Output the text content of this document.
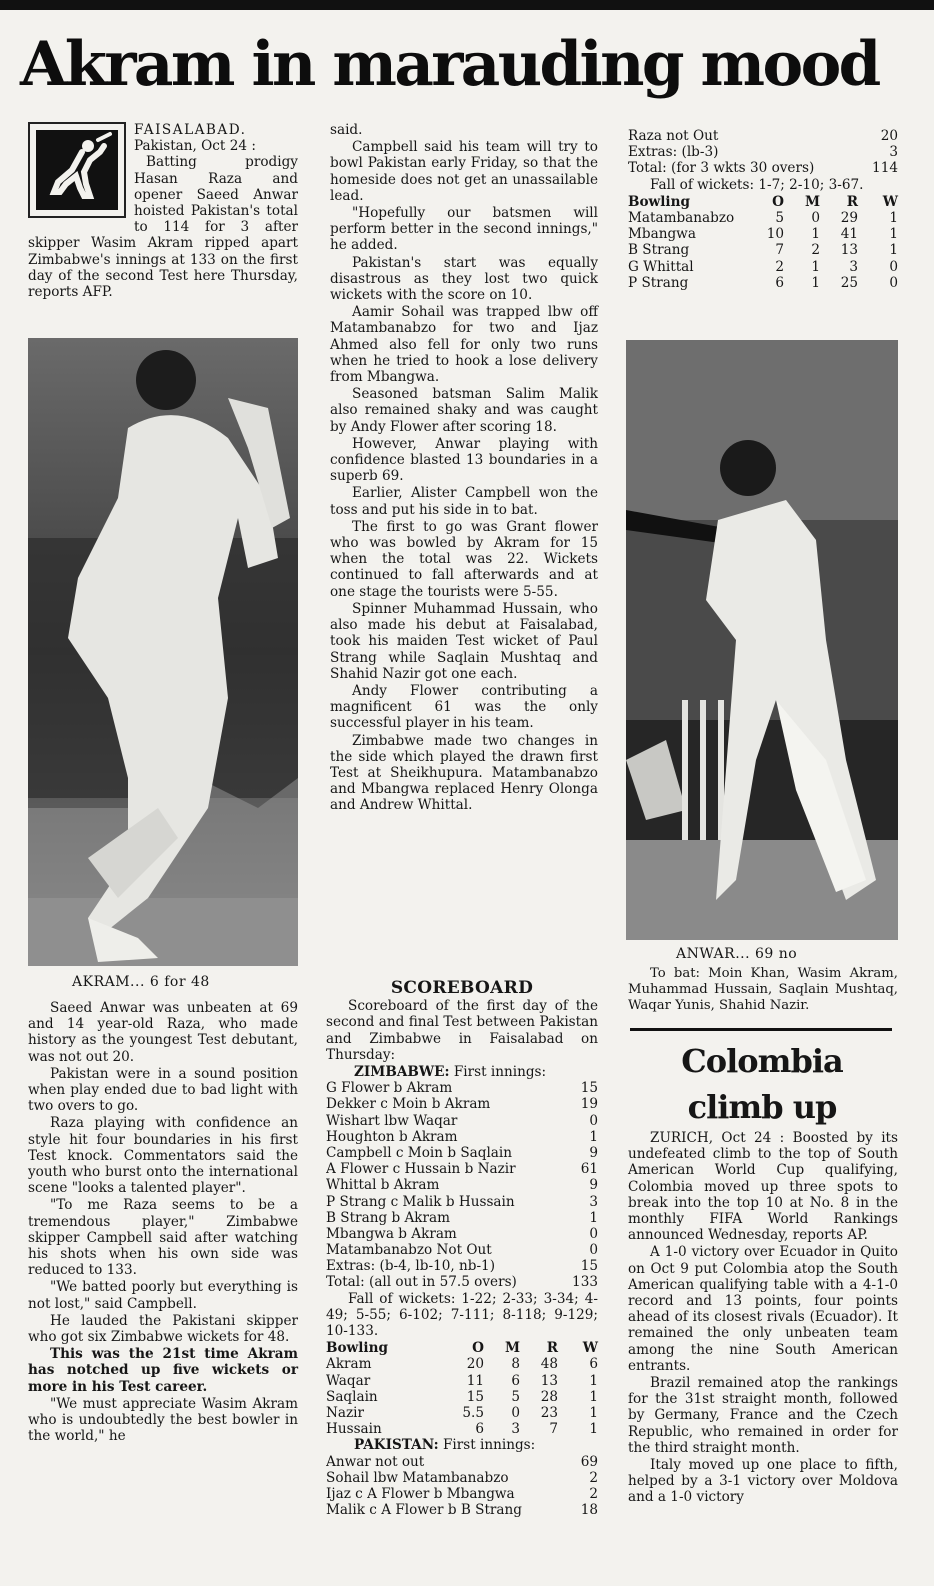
Akram in marauding mood
FAISALABAD. Pakistan, Oct 24 :

Batting prodigy Hasan Raza and opener Saeed Anwar hoisted Pakistan's total to 114 for 3 after skipper Wasim Akram ripped apart Zimbabwe's innings at 133 on the first day of the second Test here Thursday, reports AFP.

AKRAM... 6 for 48

Saeed Anwar was unbeaten at 69 and 14 year-old Raza, who made history as the youngest Test debutant, was not out 20.

Pakistan were in a sound position when play ended due to bad light with two overs to go.

Raza playing with confidence an style hit four boundaries in his first Test knock. Commentators said the youth who burst onto the international scene "looks a talented player".

"To me Raza seems to be a tremendous player," Zimbabwe skipper Campbell said after watching his shots when his own side was reduced to 133.

"We batted poorly but everything is not lost," said Campbell.

He lauded the Pakistani skipper who got six Zimbabwe wickets for 48.

This was the 21st time Akram has notched up five wickets or more in his Test career.

"We must appreciate Wasim Akram who is undoubtedly the best bowler in the world," he

said.

Campbell said his team will try to bowl Pakistan early Friday, so that the homeside does not get an unassailable lead.

"Hopefully our batsmen will perform better in the second innings," he added.

Pakistan's start was equally disastrous as they lost two quick wickets with the score on 10.

Aamir Sohail was trapped lbw off Matambanabzo for two and Ijaz Ahmed also fell for only two runs when he tried to hook a lose delivery from Mbangwa.

Seasoned batsman Salim Malik also remained shaky and was caught by Andy Flower after scoring 18.

However, Anwar playing with confidence blasted 13 boundaries in a superb 69.

Earlier, Alister Campbell won the toss and put his side in to bat.

The first to go was Grant flower who was bowled by Akram for 15 when the total was 22. Wickets continued to fall afterwards and at one stage the tourists were 5-55.

Spinner Muhammad Hussain, who also made his debut at Faisalabad, took his maiden Test wicket of Paul Strang while Saqlain Mushtaq and Shahid Nazir got one each.

Andy Flower contributing a magnificent 61 was the only successful player in his team.

Zimbabwe made two changes in the side which played the drawn first Test at Sheikhupura. Matambanabzo and Mbangwa replaced Henry Olonga and Andrew Whittal.

SCOREBOARD

Scoreboard of the first day of the second and final Test between Pakistan and Zimbabwe in Faisalabad on Thursday:

ZIMBABWE: First innings:
G Flower b Akram	15
Dekker c Moin b Akram	19
Wishart lbw Waqar	0
Houghton b Akram	1
Campbell c Moin b Saqlain	9
A Flower c Hussain b Nazir	61
Whittal b Akram	9
P Strang c Malik b Hussain	3
B Strang b Akram	1
Mbangwa b Akram	0
Matambanabzo Not Out	0
Extras: (b-4, lb-10, nb-1)	15
Total: (all out in 57.5 overs)	133

Fall of wickets: 1-22; 2-33; 3-34; 4-49; 5-55; 6-102; 7-111; 8-118; 9-129; 10-133.

Bowling	O	M	R	W
Akram	20	8	48	6
Waqar	11	6	13	1
Saqlain	15	5	28	1
Nazir	5.5	0	23	1
Hussain	6	3	7	1
PAKISTAN: First innings:
Anwar not out	69
Sohail lbw Matambanabzo	2
Ijaz c A Flower b Mbangwa	2
Malik c A Flower b B Strang	18
Raza not Out	20
Extras: (lb-3)	3
Total: (for 3 wkts 30 overs)	114

Fall of wickets: 1-7; 2-10; 3-67.

Bowling	O	M	R	W
Matambanabzo	5	0	29	1
Mbangwa	10	1	41	1
B Strang	7	2	13	1
G Whittal	2	1	3	0
P Strang	6	1	25	0
ANWAR... 69 no

To bat: Moin Khan, Wasim Akram, Muhammad Hussain, Saqlain Mushtaq, Waqar Yunis, Shahid Nazir.

Colombia
climb up

ZURICH, Oct 24 : Boosted by its undefeated climb to the top of South American World Cup qualifying, Colombia moved up three spots to break into the top 10 at No. 8 in the monthly FIFA World Rankings announced Wednesday, reports AP.

A 1-0 victory over Ecuador in Quito on Oct 9 put Colombia atop the South American qualifying table with a 4-1-0 record and 13 points, four points ahead of its closest rivals (Ecuador). It remained the only unbeaten team among the nine South American entrants.

Brazil remained atop the rankings for the 31st straight month, followed by Germany, France and the Czech Republic, who remained in order for the third straight month.

Italy moved up one place to fifth, helped by a 3-1 victory over Moldova and a 1-0 victory
